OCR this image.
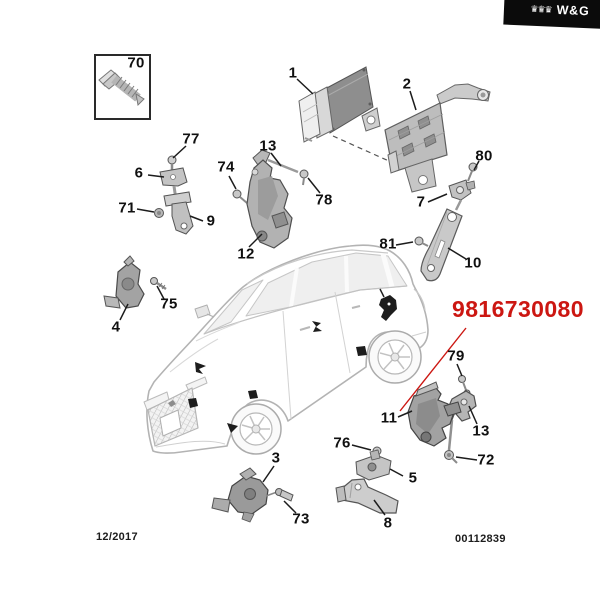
70
1
2
77	13
80
74
6
78	7
71
9
81
12
10
75
4
79
11
13
76
3	72
5
73	8
9816730080
♛♛♛ W&G
12/2017	00112839
